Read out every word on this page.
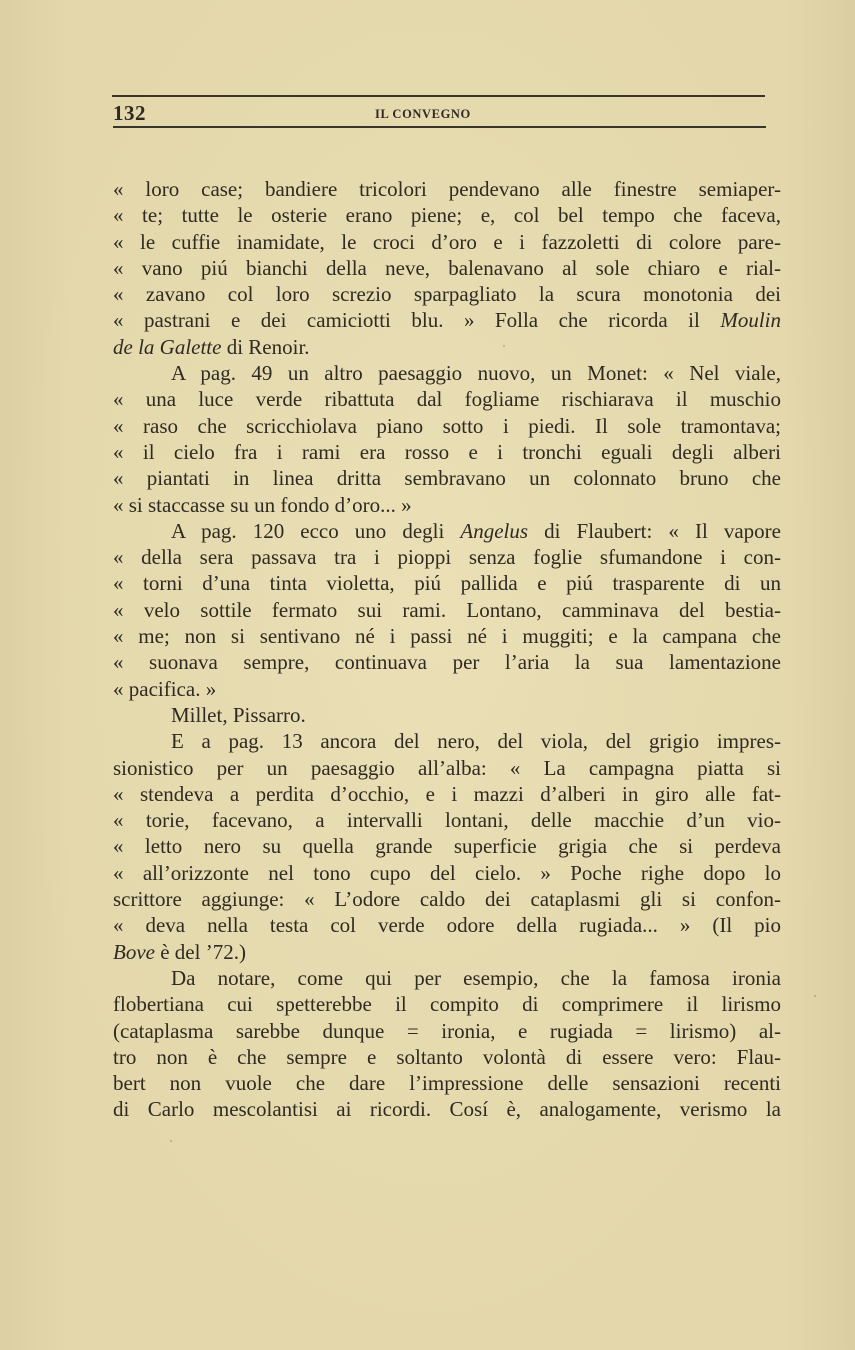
132	IL CONVEGNO
« loro case; bandiere tricolori pendevano alle finestre semiaper-
« te; tutte le osterie erano piene; e, col bel tempo che faceva,
« le cuffie inamidate, le croci d’oro e i fazzoletti di colore pare-
« vano piú bianchi della neve, balenavano al sole chiaro e rial-
« zavano col loro screzio sparpagliato la scura monotonia dei
« pastrani e dei camiciotti blu. » Folla che ricorda il Moulin
de la Galette di Renoir.
A pag. 49 un altro paesaggio nuovo, un Monet: « Nel viale,
« una luce verde ribattuta dal fogliame rischiarava il muschio
« raso che scricchiolava piano sotto i piedi. Il sole tramontava;
« il cielo fra i rami era rosso e i tronchi eguali degli alberi
« piantati in linea dritta sembravano un colonnato bruno che
« si staccasse su un fondo d’oro... »
A pag. 120 ecco uno degli Angelus di Flaubert: « Il vapore
« della sera passava tra i pioppi senza foglie sfumandone i con-
« torni d’una tinta violetta, piú pallida e piú trasparente di un
« velo sottile fermato sui rami. Lontano, camminava del bestia-
« me; non si sentivano né i passi né i muggiti; e la campana che
« suonava sempre, continuava per l’aria la sua lamentazione
« pacifica. »
Millet, Pissarro.
E a pag. 13 ancora del nero, del viola, del grigio impres-
sionistico per un paesaggio all’alba: « La campagna piatta si
« stendeva a perdita d’occhio, e i mazzi d’alberi in giro alle fat-
« torie, facevano, a intervalli lontani, delle macchie d’un vio-
« letto nero su quella grande superficie grigia che si perdeva
« all’orizzonte nel tono cupo del cielo. » Poche righe dopo lo
scrittore aggiunge: « L’odore caldo dei cataplasmi gli si confon-
« deva nella testa col verde odore della rugiada... » (Il pio
Bove è del ’72.)
Da notare, come qui per esempio, che la famosa ironia
flobertiana cui spetterebbe il compito di comprimere il lirismo
(cataplasma sarebbe dunque = ironia, e rugiada = lirismo) al-
tro non è che sempre e soltanto volontà di essere vero: Flau-
bert non vuole che dare l’impressione delle sensazioni recenti
di Carlo mescolantisi ai ricordi. Cosí è, analogamente, verismo la
